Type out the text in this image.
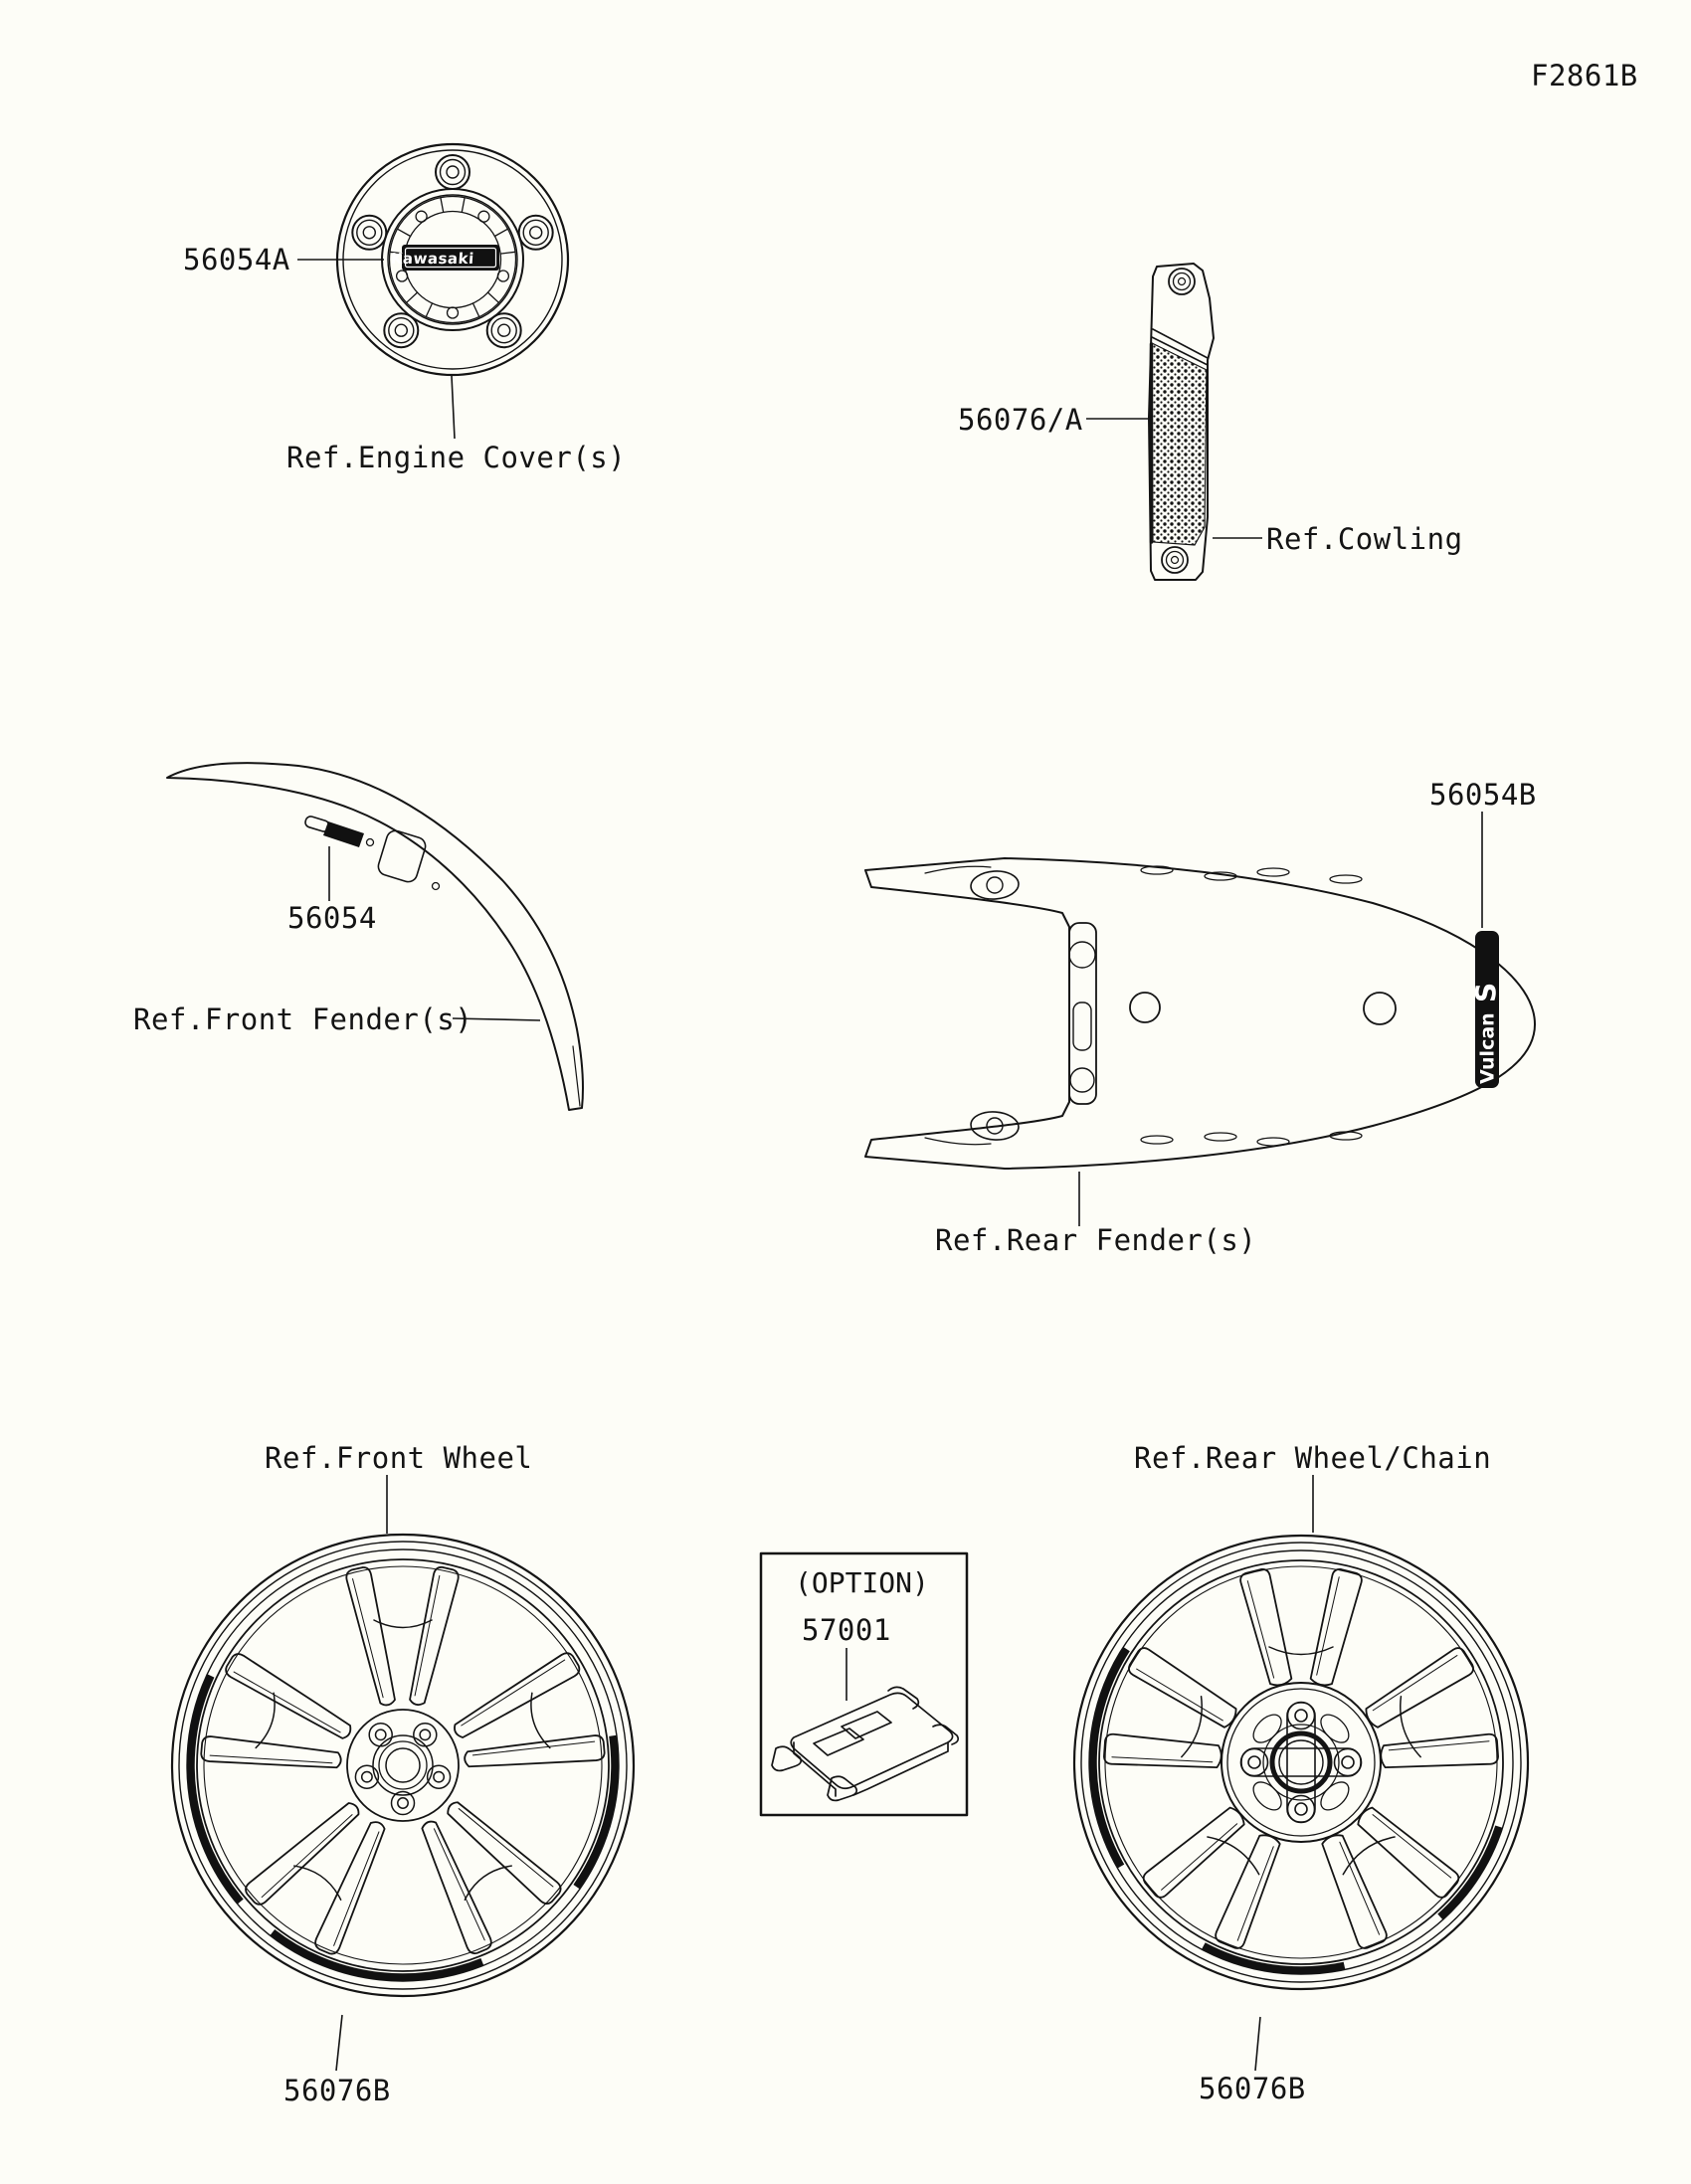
F2861B
Kawasaki
56054A
Ref.Engine Cover(s)
56076/A
Ref.Cowling
56054
Ref.Front Fender(s)	Vulcan
S
56054B
Ref.Rear Fender(s)
Ref.Front Wheel
56076B
(OPTION)
57001
Ref.Rear Wheel/Chain
56076B
